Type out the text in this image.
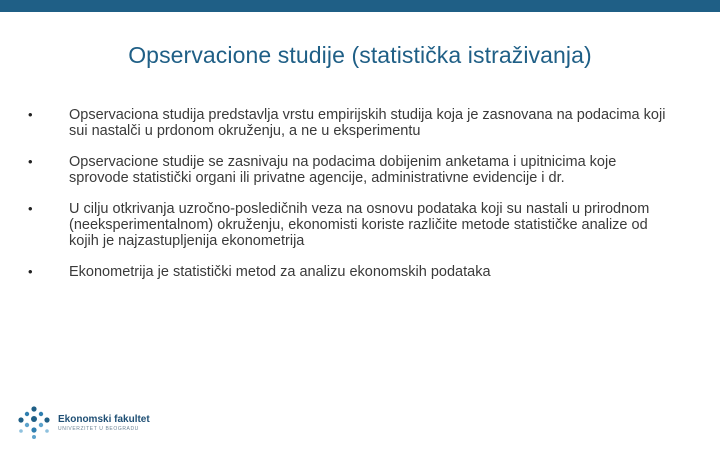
Opservacione studije (statistička istraživanja)
•	Opservaciona studija predstavlja vrstu empirijskih studija koja je zasnovana na podacima koji sui nastalči u prdonom okruženju, a ne u eksperimentu
•	Opservacione studije se zasnivaju na podacima dobijenim anketama i upitnicima koje sprovode statistički organi ili privatne agencije, administrativne evidencije i dr.
•	U cilju otkrivanja uzročno-posledičnih veza na osnovu podataka koji su nastali u prirodnom (neeksperimentalnom) okruženju, ekonomisti koriste različite metode statističke analize od kojih je najzastupljenija ekonometrija
•	Ekonometrija je statistički metod za analizu ekonomskih podataka
Ekonomski fakultet
UNIVERZITET U BEOGRADU
